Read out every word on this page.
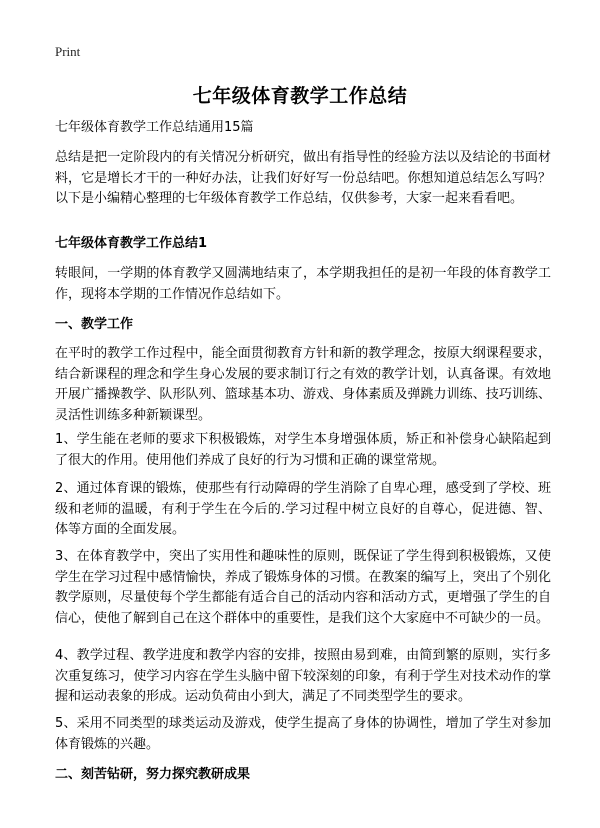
Print
七年级体育教学工作总结
七年级体育教学工作总结通用15篇
总结是把一定阶段内的有关情况分析研究，做出有指导性的经验方法以及结论的书面材料，它是增长才干的一种好办法，让我们好好写一份总结吧。你想知道总结怎么写吗？以下是小编精心整理的七年级体育教学工作总结，仅供参考，大家一起来看看吧。
七年级体育教学工作总结1
转眼间，一学期的体育教学又圆满地结束了，本学期我担任的是初一年段的体育教学工作，现将本学期的工作情况作总结如下。
一、教学工作
在平时的教学工作过程中，能全面贯彻教育方针和新的教学理念，按原大纲课程要求，结合新课程的理念和学生身心发展的要求制订行之有效的教学计划，认真备课。有效地开展广播操教学、队形队列、篮球基本功、游戏、身体素质及弹跳力训练、技巧训练、灵活性训练多种新颖课型。
1、学生能在老师的要求下积极锻炼，对学生本身增强体质，矫正和补偿身心缺陷起到了很大的作用。使用他们养成了良好的行为习惯和正确的课堂常规。
2、通过体育课的锻炼，使那些有行动障碍的学生消除了自卑心理，感受到了学校、班级和老师的温暖，有利于学生在今后的.学习过程中树立良好的自尊心，促进德、智、体等方面的全面发展。
3、在体育教学中，突出了实用性和趣味性的原则，既保证了学生得到积极锻炼，又使学生在学习过程中感情愉快，养成了锻炼身体的习惯。在教案的编写上，突出了个别化教学原则，尽量使每个学生都能有适合自己的活动内容和活动方式，更增强了学生的自信心，使他了解到自己在这个群体中的重要性，是我们这个大家庭中不可缺少的一员。
4、教学过程、教学进度和教学内容的安排，按照由易到难，由简到繁的原则，实行多次重复练习，使学习内容在学生头脑中留下较深刻的印象，有利于学生对技术动作的掌握和运动表象的形成。运动负荷由小到大，满足了不同类型学生的要求。
5、采用不同类型的球类运动及游戏，使学生提高了身体的协调性，增加了学生对参加体育锻炼的兴趣。
二、刻苦钻研，努力探究教研成果
